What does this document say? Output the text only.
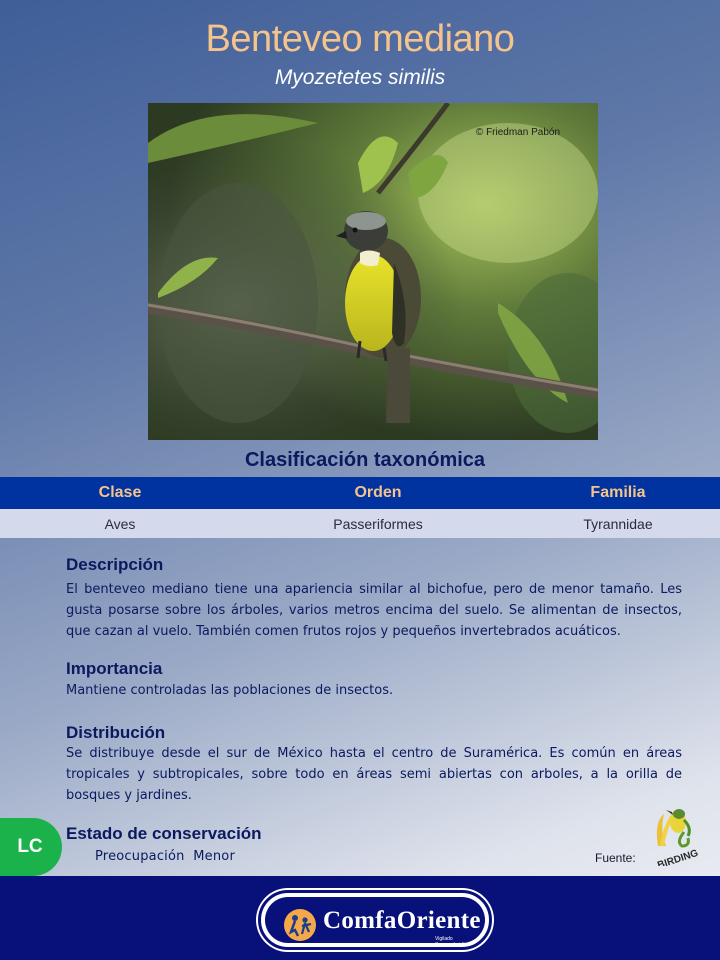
Benteveo mediano
Myozetetes similis
© Friedman Pabón
Clasificación taxonómica
Clase	Orden	Familia
Aves	Passeriformes	Tyrannidae
Descripción
El benteveo mediano tiene una apariencia similar al bichofue, pero de menor tamaño. Les gusta posarse sobre los árboles, varios metros encima del suelo. Se alimentan de insectos, que cazan al vuelo. También comen frutos rojos y pequeños invertebrados acuáticos.
Importancia
Mantiene controladas las poblaciones de insectos.
Distribución
Se distribuye desde el sur de México hasta el centro de Suramérica. Es común en áreas tropicales y subtropicales, sobre todo en áreas semi abiertas con arboles, a la orilla de bosques y jardines.
LC
Estado de conservación
Preocupación  Menor	Fuente: BIRDING
ComfaOriente
Vigilado Supersubsidio
